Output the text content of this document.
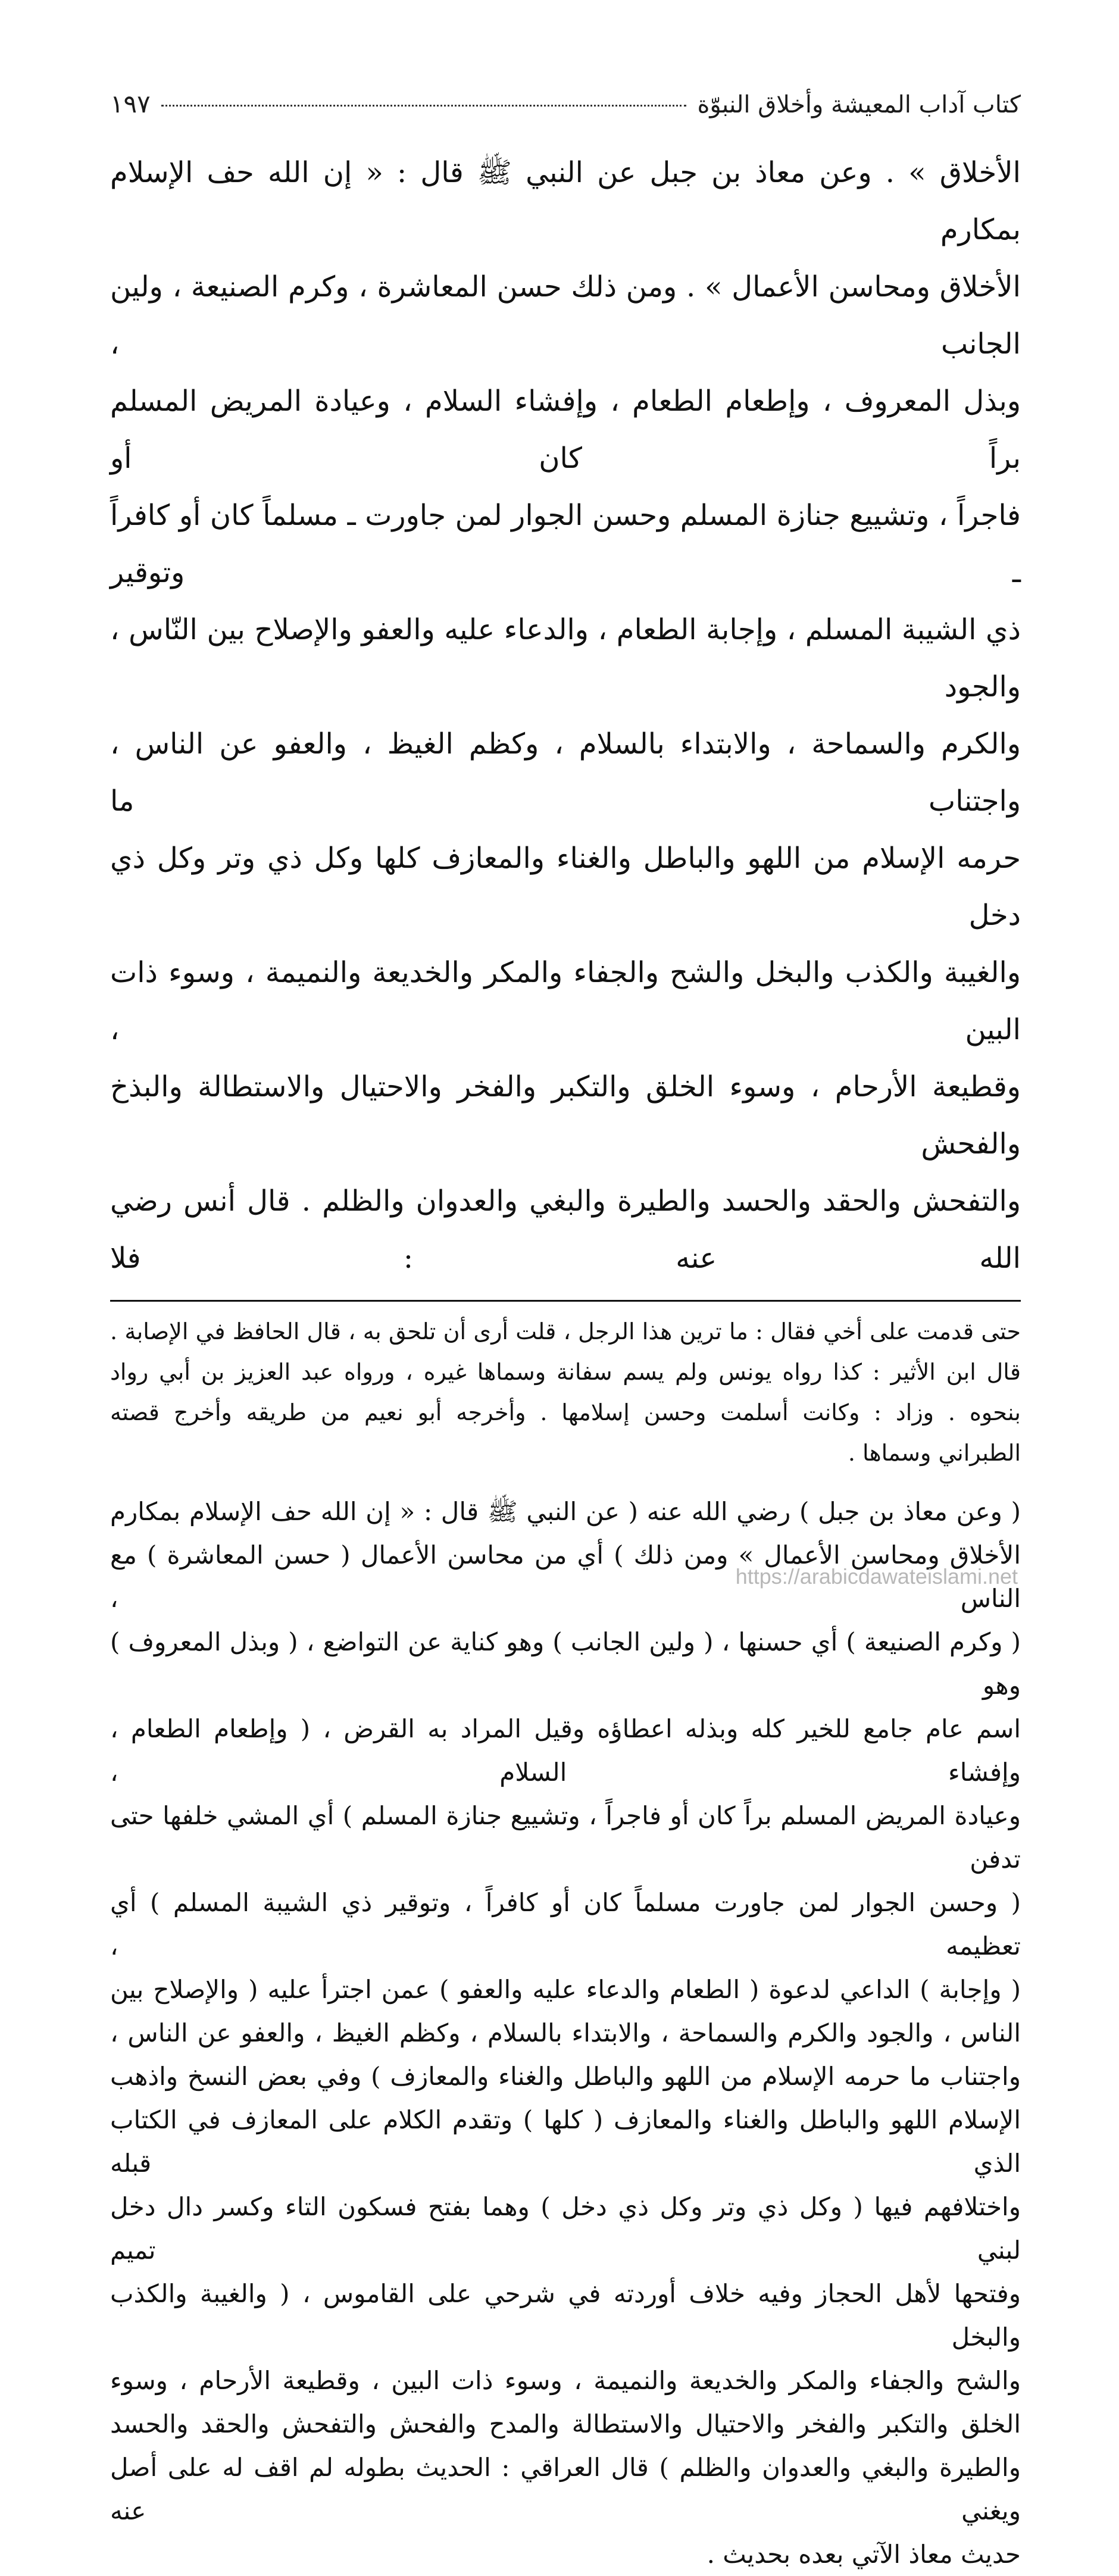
كتاب آداب المعيشة وأخلاق النبوّة
١٩٧

الأخلاق » . وعن معاذ بن جبل عن النبي ﷺ قال : « إن الله حف الإسلام بمكارم

الأخلاق ومحاسن الأعمال » . ومن ذلك حسن المعاشرة ، وكرم الصنيعة ، ولين الجانب ،

وبذل المعروف ، وإطعام الطعام ، وإفشاء السلام ، وعيادة المريض المسلم براً كان أو

فاجراً ، وتشييع جنازة المسلم وحسن الجوار لمن جاورت ـ مسلماً كان أو كافراً ـ وتوقير

ذي الشيبة المسلم ، وإجابة الطعام ، والدعاء عليه والعفو والإصلاح بين النّاس ، والجود

والكرم والسماحة ، والابتداء بالسلام ، وكظم الغيظ ، والعفو عن الناس ، واجتناب ما

حرمه الإسلام من اللهو والباطل والغناء والمعازف كلها وكل ذي وتر وكل ذي دخل

والغيبة والكذب والبخل والشح والجفاء والمكر والخديعة والنميمة ، وسوء ذات البين ،

وقطيعة الأرحام ، وسوء الخلق والتكبر والفخر والاحتيال والاستطالة والبذخ والفحش

والتفحش والحقد والحسد والطيرة والبغي والعدوان والظلم . قال أنس رضي الله عنه : فلا

حتى قدمت على أخي فقال : ما ترين هذا الرجل ، قلت أرى أن تلحق به ، قال الحافظ في الإصابة .

قال ابن الأثير : كذا رواه يونس ولم يسم سفانة وسماها غيره ، ورواه عبد العزيز بن أبي رواد

بنحوه . وزاد : وكانت أسلمت وحسن إسلامها . وأخرجه أبو نعيم من طريقه وأخرج قصته

الطبراني وسماها .

( وعن معاذ بن جبل ) رضي الله عنه ( عن النبي ﷺ قال : « إن الله حف الإسلام بمكارم

الأخلاق ومحاسن الأعمال » ومن ذلك ) أي من محاسن الأعمال ( حسن المعاشرة ) مع الناس ،

( وكرم الصنيعة ) أي حسنها ، ( ولين الجانب ) وهو كناية عن التواضع ، ( وبذل المعروف ) وهو

اسم عام جامع للخير كله وبذله اعطاؤه وقيل المراد به القرض ، ( وإطعام الطعام ، وإفشاء السلام ،

وعيادة المريض المسلم براً كان أو فاجراً ، وتشييع جنازة المسلم ) أي المشي خلفها حتى تدفن

( وحسن الجوار لمن جاورت مسلماً كان أو كافراً ، وتوقير ذي الشيبة المسلم ) أي تعظيمه ،

( وإجابة ) الداعي لدعوة ( الطعام والدعاء عليه والعفو ) عمن اجترأ عليه ( والإصلاح بين

الناس ، والجود والكرم والسماحة ، والابتداء بالسلام ، وكظم الغيظ ، والعفو عن الناس ،

واجتناب ما حرمه الإسلام من اللهو والباطل والغناء والمعازف ) وفي بعض النسخ واذهب

الإسلام اللهو والباطل والغناء والمعازف ( كلها ) وتقدم الكلام على المعازف في الكتاب الذي قبله

واختلافهم فيها ( وكل ذي وتر وكل ذي دخل ) وهما بفتح فسكون التاء وكسر دال دخل لبني تميم

وفتحها لأهل الحجاز وفيه خلاف أوردته في شرحي على القاموس ، ( والغيبة والكذب والبخل

والشح والجفاء والمكر والخديعة والنميمة ، وسوء ذات البين ، وقطيعة الأرحام ، وسوء

الخلق والتكبر والفخر والاحتيال والاستطالة والمدح والفحش والتفحش والحقد والحسد

والطيرة والبغي والعدوان والظلم ) قال العراقي : الحديث بطوله لم اقف له على أصل ويغني عنه

حديث معاذ الآتي بعده بحديث .

https://arabicdawateislami.net
